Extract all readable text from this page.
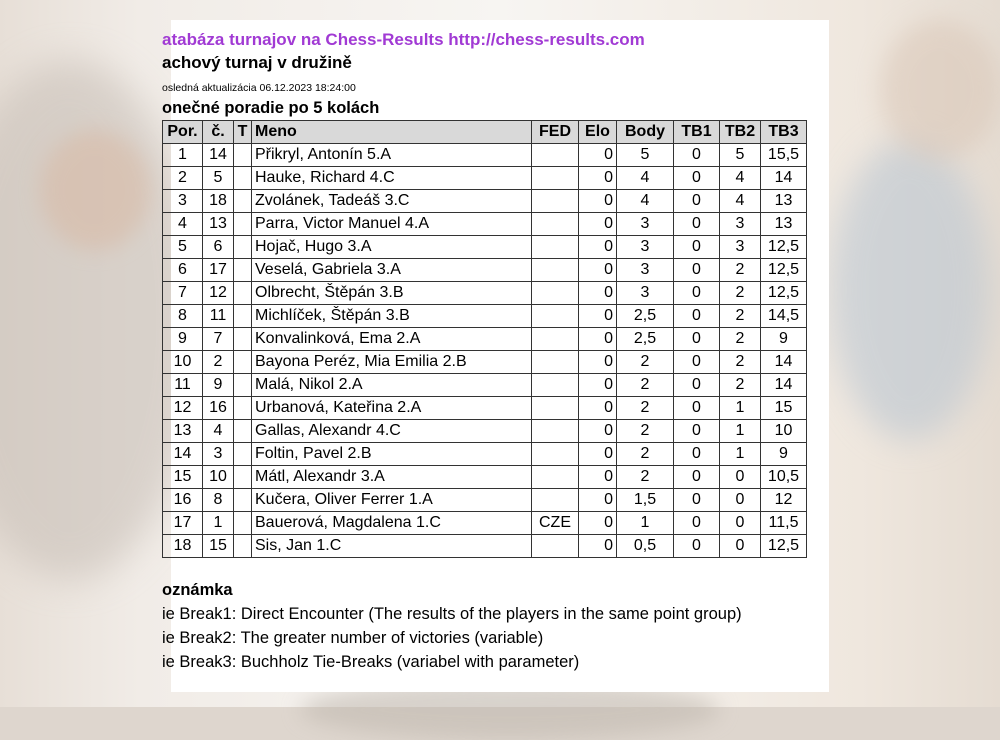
atabáza turnajov na Chess-Results http://chess-results.com
achový turnaj v družině
osledná aktualizácia 06.12.2023 18:24:00
onečné poradie po 5 kolách
Por.	č.	T	Meno	FED	Elo	Body	TB1	TB2	TB3
1	14		Přikryl, Antonín 5.A		0	5	0	5	15,5
2	5		Hauke, Richard 4.C		0	4	0	4	14
3	18		Zvolánek, Tadeáš 3.C		0	4	0	4	13
4	13		Parra, Victor Manuel 4.A		0	3	0	3	13
5	6		Hojač, Hugo 3.A		0	3	0	3	12,5
6	17		Veselá, Gabriela 3.A		0	3	0	2	12,5
7	12		Olbrecht, Štěpán 3.B		0	3	0	2	12,5
8	11		Michlíček, Štěpán 3.B		0	2,5	0	2	14,5
9	7		Konvalinková, Ema 2.A		0	2,5	0	2	9
10	2		Bayona Peréz, Mia Emilia 2.B		0	2	0	2	14
11	9		Malá, Nikol 2.A		0	2	0	2	14
12	16		Urbanová, Kateřina 2.A		0	2	0	1	15
13	4		Gallas, Alexandr 4.C		0	2	0	1	10
14	3		Foltin, Pavel 2.B		0	2	0	1	9
15	10		Mátl, Alexandr 3.A		0	2	0	0	10,5
16	8		Kučera, Oliver Ferrer 1.A		0	1,5	0	0	12
17	1		Bauerová, Magdalena 1.C	CZE	0	1	0	0	11,5
18	15		Sis, Jan 1.C		0	0,5	0	0	12,5
oznámka
ie Break1: Direct Encounter (The results of the players in the same point group)
ie Break2: The greater number of victories (variable)
ie Break3: Buchholz Tie-Breaks (variabel with parameter)
